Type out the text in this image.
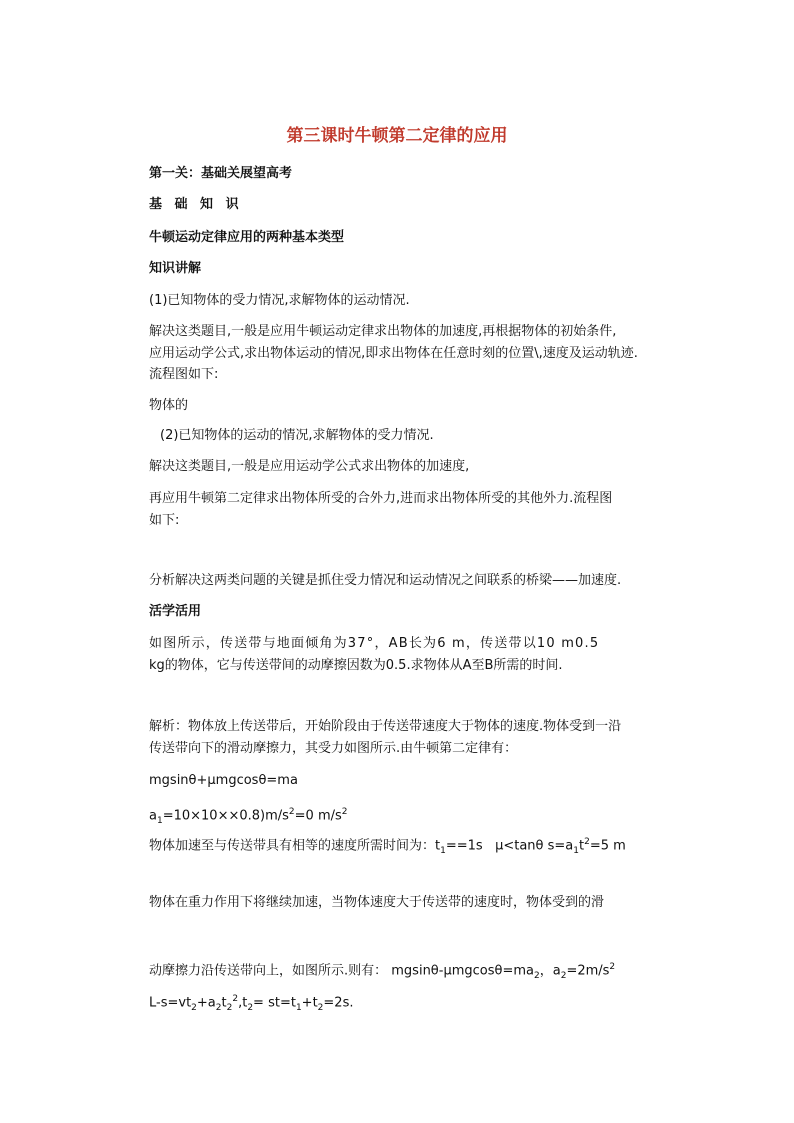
第三课时牛顿第二定律的应用
第一关：基础关展望高考
基 础 知 识
牛顿运动定律应用的两种基本类型
知识讲解
(1)已知物体的受力情况,求解物体的运动情况.
解决这类题目,一般是应用牛顿运动定律求出物体的加速度,再根据物体的初始条件,
应用运动学公式,求出物体运动的情况,即求出物体在任意时刻的位置\,速度及运动轨迹.
流程图如下:
物体的
(2)已知物体的运动的情况,求解物体的受力情况.
解决这类题目,一般是应用运动学公式求出物体的加速度,
再应用牛顿第二定律求出物体所受的合外力,进而求出物体所受的其他外力.流程图
如下:
分析解决这两类问题的关键是抓住受力情况和运动情况之间联系的桥梁——加速度.
活学活用
如图所示，传送带与地面倾角为37°，AB长为6 m，传送带以10 m0.5
kg的物体，它与传送带间的动摩擦因数为0.5.求物体从A至B所需的时间.
解析：物体放上传送带后，开始阶段由于传送带速度大于物体的速度.物体受到一沿
传送带向下的滑动摩擦力，其受力如图所示.由牛顿第二定律有：
mgsinθ+μmgcosθ=ma
$a_1=10\times 10\times\times 0.8)m/s^2=0$ $m/s^2$
物体加速至与传送带具有相等的速度所需时间为：$t_1==1s$   μ<tanθ $s=a_1t^2=5$ m
物体在重力作用下将继续加速，当物体速度大于传送带的速度时，物体受到的滑
动摩擦力沿传送带向上，如图所示.则有： mgsinθ-$\mu mgcos\theta=ma_2$，$a_2=2m/s^2$
$L-s=vt_2+a_2t_2^2,t_2= st=t_1+t_2=2s$.
